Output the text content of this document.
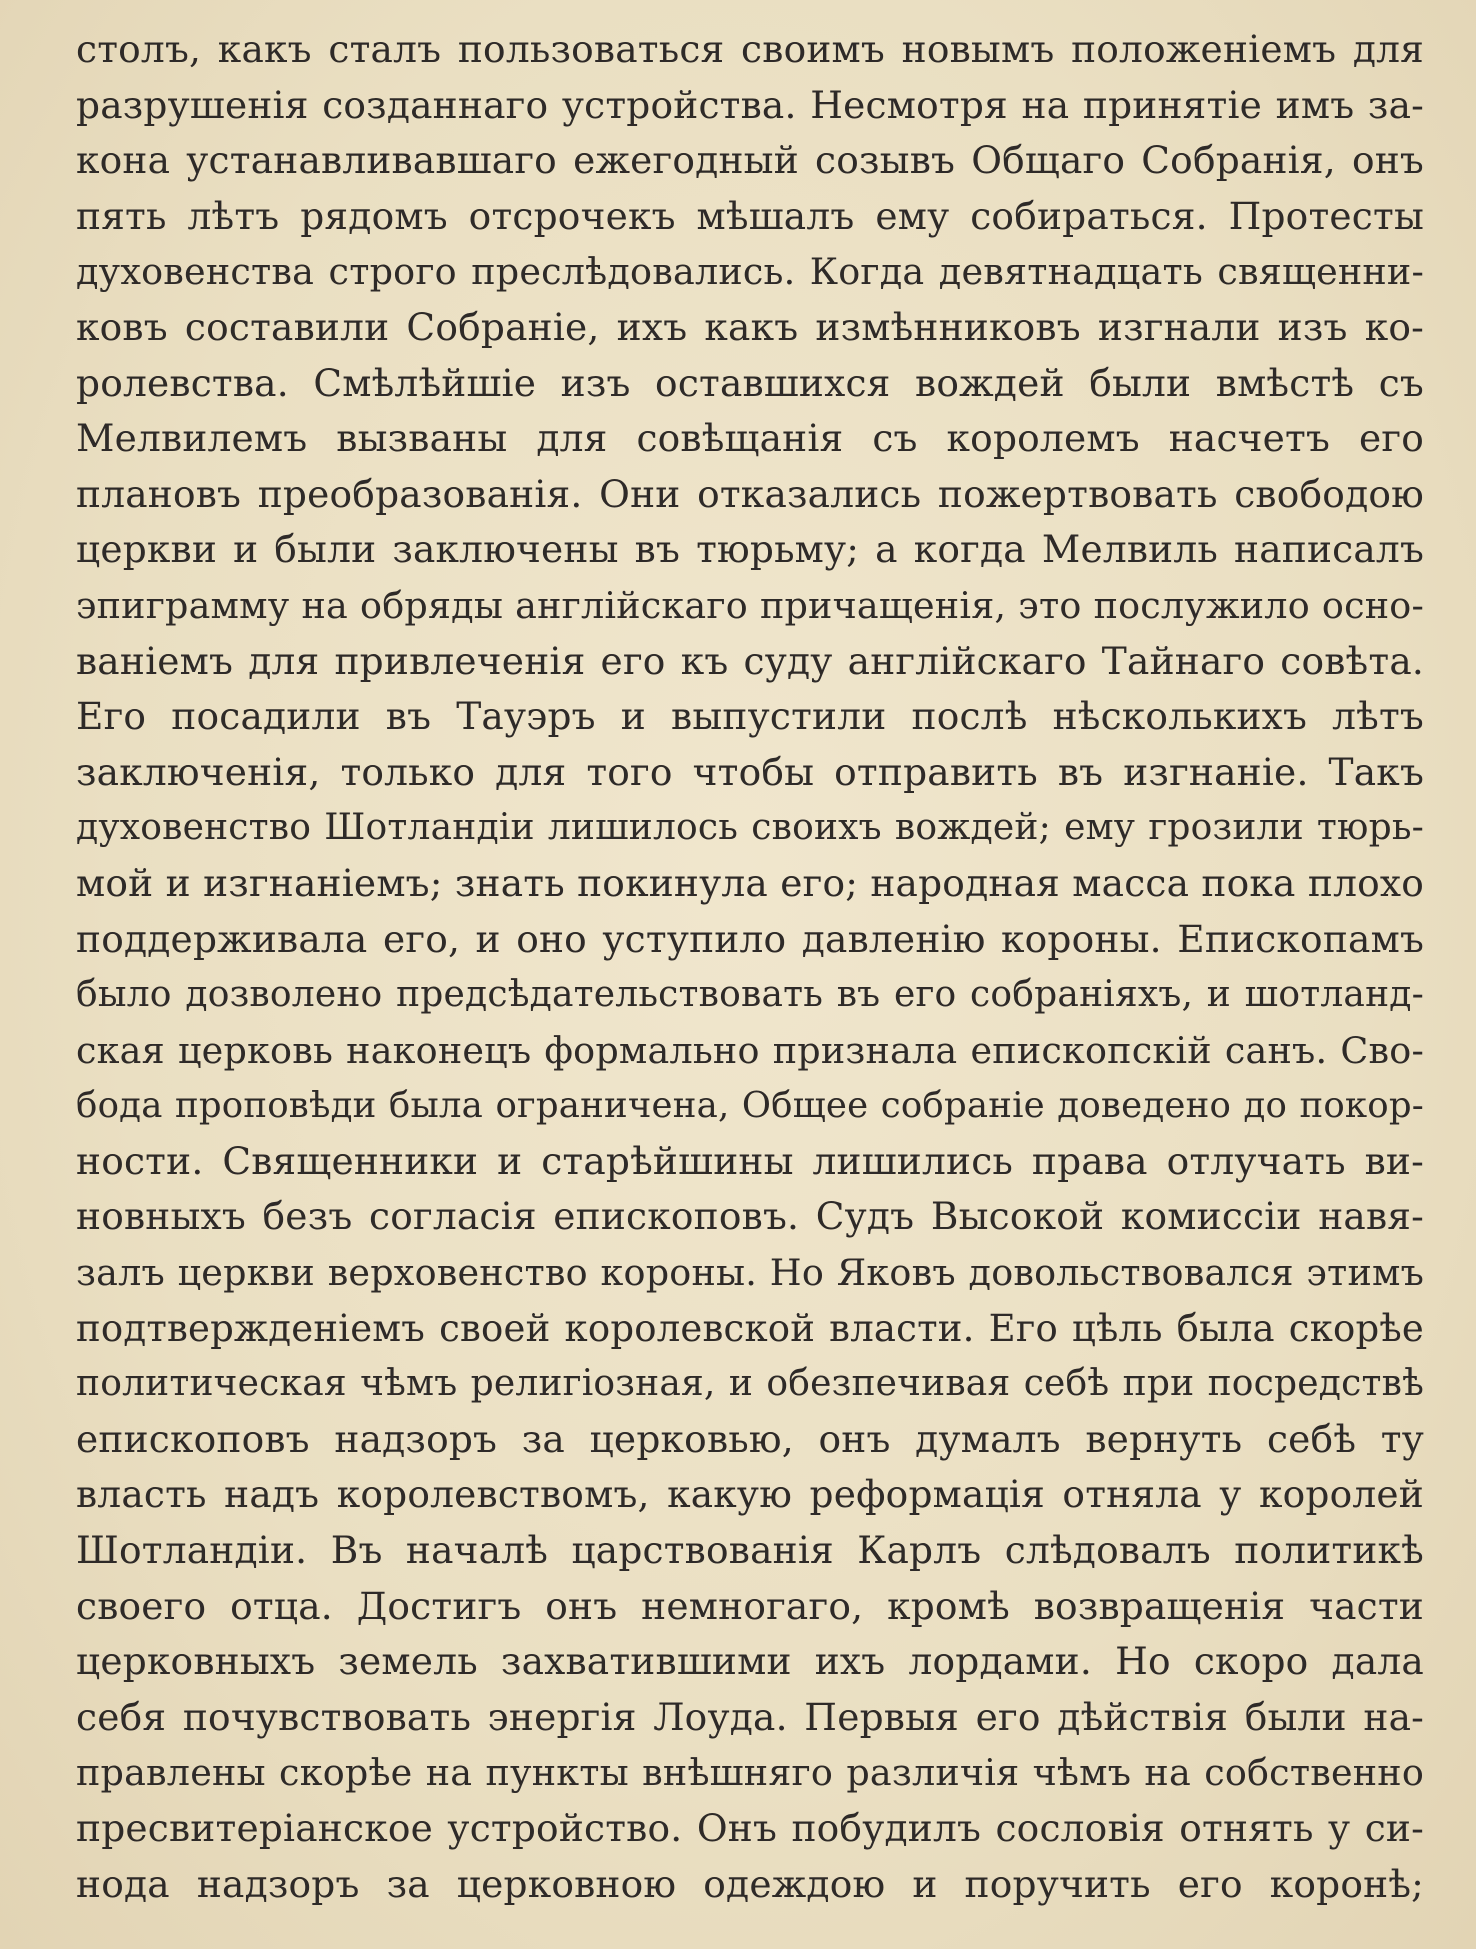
столъ, какъ сталъ пользоваться своимъ новымъ положеніемъ для
разрушенія созданнаго устройства. Несмотря на принятіе имъ за-
кона устанавливавшаго ежегодный созывъ Общаго Собранія, онъ
пять лѣтъ рядомъ отсрочекъ мѣшалъ ему собираться. Протесты
духовенства строго преслѣдовались. Когда девятнадцать священни-
ковъ составили Собраніе, ихъ какъ измѣнниковъ изгнали изъ ко-
ролевства. Смѣлѣйшіе изъ оставшихся вождей были вмѣстѣ съ
Мелвилемъ вызваны для совѣщанія съ королемъ насчетъ его
плановъ преобразованія. Они отказались пожертвовать свободою
церкви и были заключены въ тюрьму; а когда Мелвиль написалъ
эпиграмму на обряды англійскаго причащенія, это послужило осно-
ваніемъ для привлеченія его къ суду англійскаго Тайнаго совѣта.
Его посадили въ Тауэръ и выпустили послѣ нѣсколькихъ лѣтъ
заключенія, только для того чтобы отправить въ изгнаніе. Такъ
духовенство Шотландіи лишилось своихъ вождей; ему грозили тюрь-
мой и изгнаніемъ; знать покинула его; народная масса пока плохо
поддерживала его, и оно уступило давленію короны. Епископамъ
было дозволено предсѣдательствовать въ его собраніяхъ, и шотланд-
ская церковь наконецъ формально признала епископскій санъ. Сво-
бода проповѣди была ограничена, Общее собраніе доведено до покор-
ности. Священники и старѣйшины лишились права отлучать ви-
новныхъ безъ согласія епископовъ. Судъ Высокой комиссіи навя-
залъ церкви верховенство короны. Но Яковъ довольствовался этимъ
подтвержденіемъ своей королевской власти. Его цѣль была скорѣе
политическая чѣмъ религіозная, и обезпечивая себѣ при посредствѣ
епископовъ надзоръ за церковью, онъ думалъ вернуть себѣ ту
власть надъ королевствомъ, какую реформація отняла у королей
Шотландіи. Въ началѣ царствованія Карлъ слѣдовалъ политикѣ
своего отца. Достигъ онъ немногаго, кромѣ возвращенія части
церковныхъ земель захватившими ихъ лордами. Но скоро дала
себя почувствовать энергія Лоуда. Первыя его дѣйствія были на-
правлены скорѣе на пункты внѣшняго различія чѣмъ на собственно
пресвитеріанское устройство. Онъ побудилъ сословія отнять у си-
нода надзоръ за церковною одеждою и поручить его коронѣ;
